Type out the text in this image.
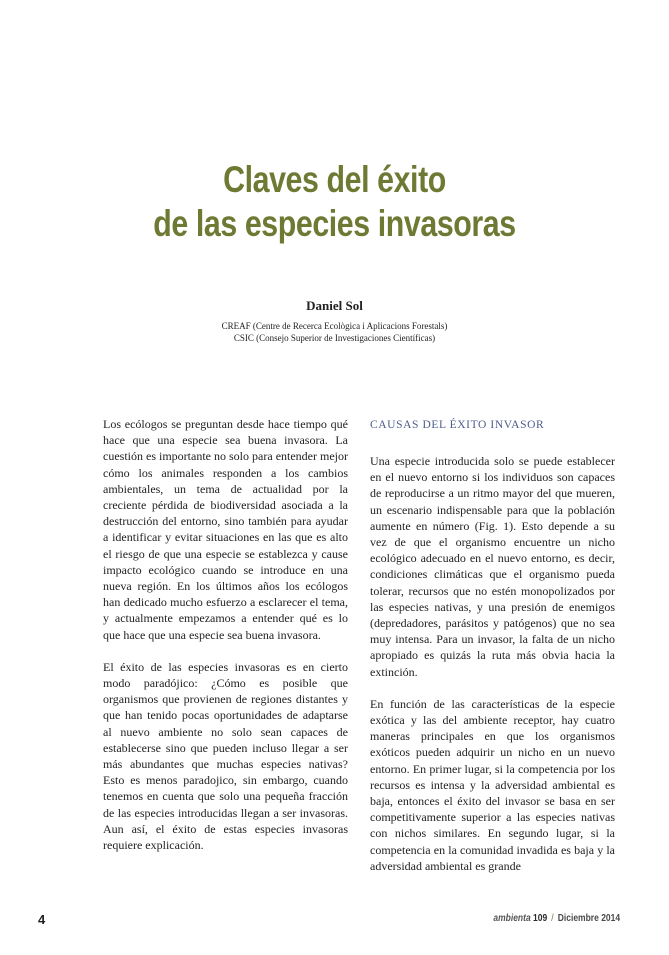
Claves del éxito
de las especies invasoras
Daniel Sol
CREAF (Centre de Recerca Ecològica i Aplicacions Forestals)
CSIC (Consejo Superior de Investigaciones Científicas)

Los ecólogos se preguntan desde hace tiempo qué hace que una especie sea buena invasora. La cuestión es importante no solo para entender mejor cómo los animales responden a los cambios ambientales, un tema de actualidad por la creciente pérdida de biodiversidad asociada a la destrucción del entorno, sino también para ayudar a identificar y evitar situaciones en las que es alto el riesgo de que una especie se establezca y cause impacto ecológico cuando se introduce en una nueva región. En los últimos años los ecólogos han dedicado mucho esfuerzo a esclarecer el tema, y actualmente empezamos a entender qué es lo que hace que una especie sea buena invasora.

El éxito de las especies invasoras es en cierto modo paradójico: ¿Cómo es posible que organismos que provienen de regiones distantes y que han tenido pocas oportunidades de adaptarse al nuevo ambiente no solo sean capaces de establecerse sino que pueden incluso llegar a ser más abundantes que muchas especies nativas? Esto es menos paradojico, sin embargo, cuando tenemos en cuenta que solo una pequeña fracción de las especies introducidas llegan a ser invasoras. Aun así, el éxito de estas especies invasoras requiere explicación.

CAUSAS DEL ÉXITO INVASOR

Una especie introducida solo se puede establecer en el nuevo entorno si los individuos son capaces de reproducirse a un ritmo mayor del que mueren, un escenario indispensable para que la población aumente en número (Fig. 1). Esto depende a su vez de que el organismo encuentre un nicho ecológico adecuado en el nuevo entorno, es decir, condiciones climáticas que el organismo pueda tolerar, recursos que no estén monopolizados por las especies nativas, y una presión de enemigos (depredadores, parásitos y patógenos) que no sea muy intensa. Para un invasor, la falta de un nicho apropiado es quizás la ruta más obvia hacia la extinción.

En función de las características de la especie exótica y las del ambiente receptor, hay cuatro maneras principales en que los organismos exóticos pueden adquirir un nicho en un nuevo entorno. En primer lugar, si la competencia por los recursos es intensa y la adversidad ambiental es baja, entonces el éxito del invasor se basa en ser competitivamente superior a las especies nativas con nichos similares. En segundo lugar, si la competencia en la comunidad invadida es baja y la adversidad ambiental es grande

4	ambienta 109 / Diciembre 2014
